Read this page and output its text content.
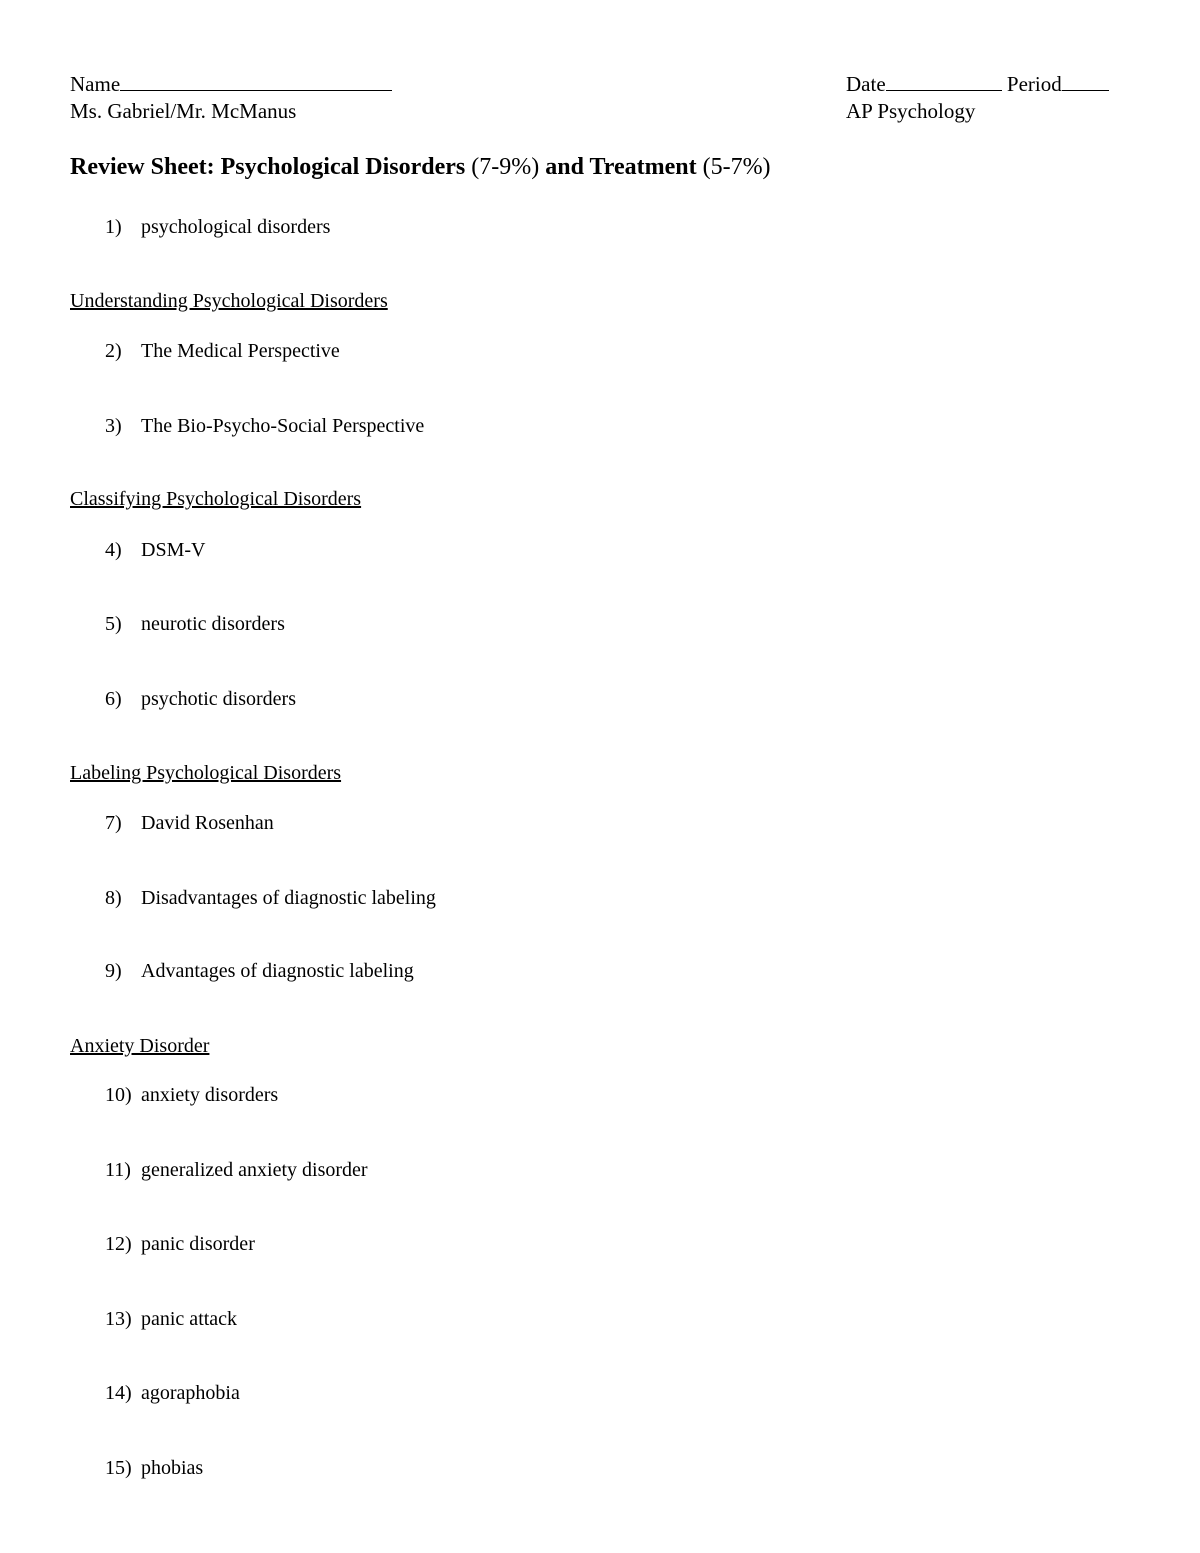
Name
Ms. Gabriel/Mr. McManus
Date	Period
AP Psychology
Review Sheet: Psychological Disorders (7-9%) and Treatment (5-7%)
1) psychological disorders
Understanding Psychological Disorders
2) The Medical Perspective
3) The Bio-Psycho-Social Perspective
Classifying Psychological Disorders
4) DSM-V
5) neurotic disorders
6) psychotic disorders
Labeling Psychological Disorders
7) David Rosenhan
8) Disadvantages of diagnostic labeling
9) Advantages of diagnostic labeling
Anxiety Disorder
10) anxiety disorders
11) generalized anxiety disorder
12) panic disorder
13) panic attack
14) agoraphobia
15) phobias
